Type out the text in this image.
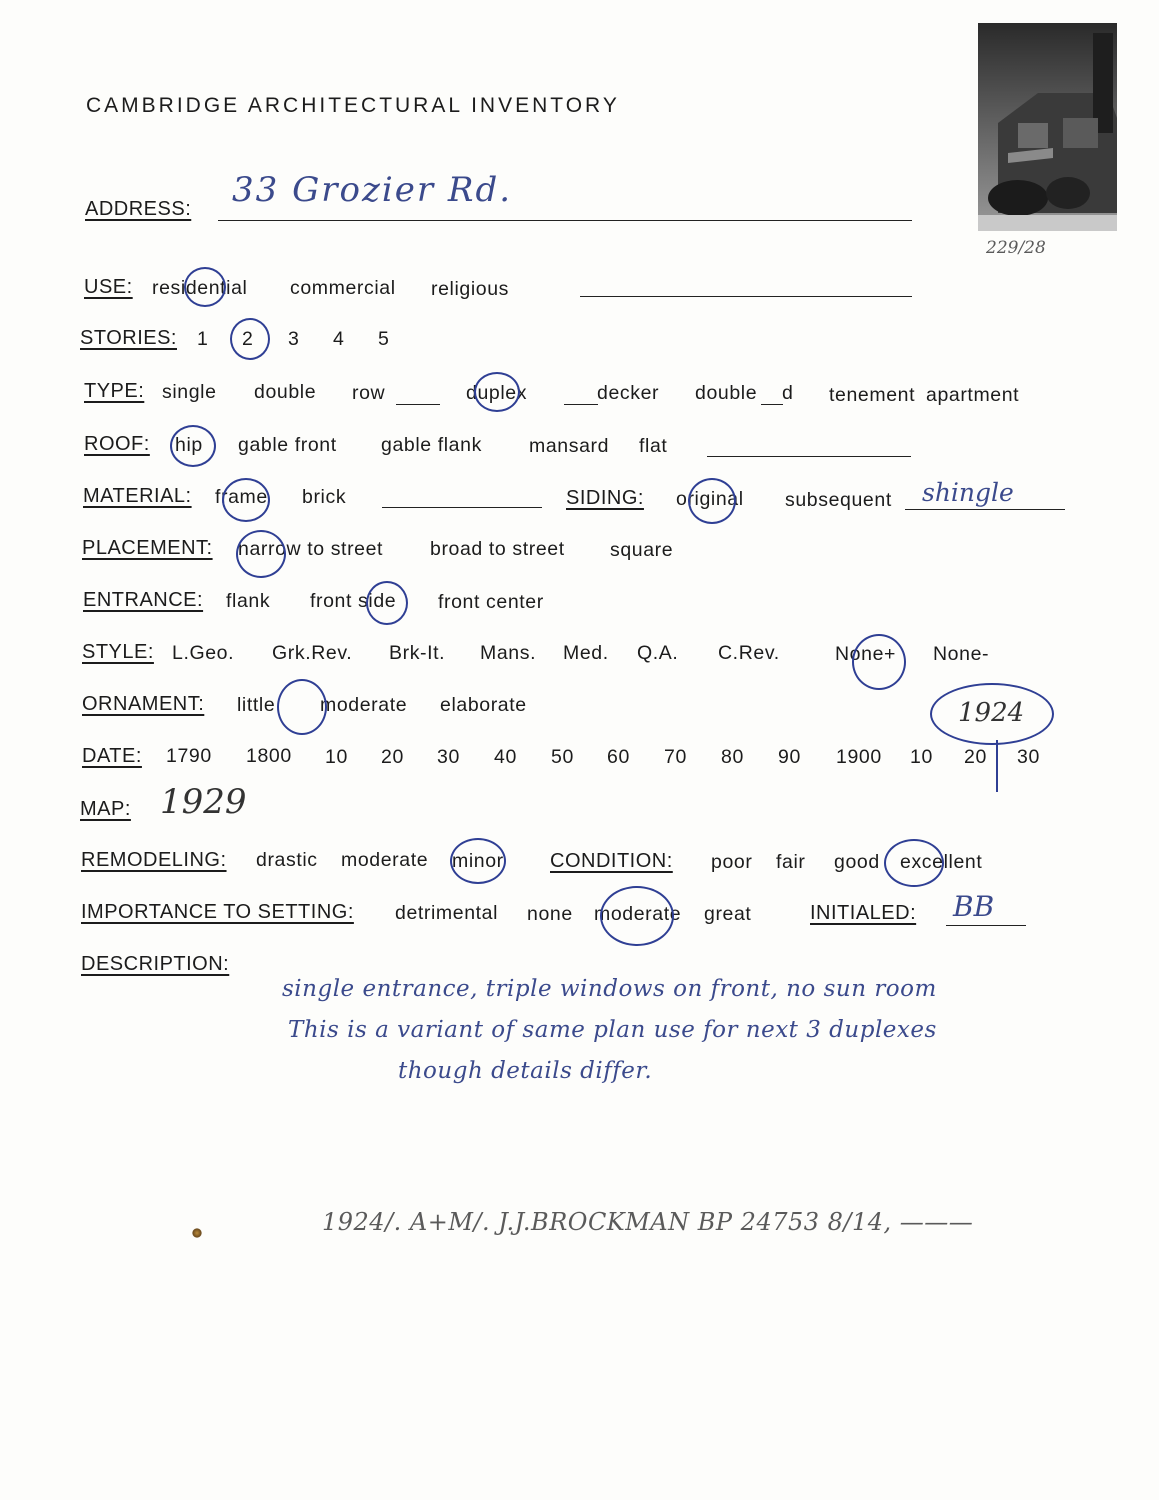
CAMBRIDGE ARCHITECTURAL INVENTORY
229/28
ADDRESS: 33 Grozier Rd.
USE: residential commercial religious
STORIES: 1 2 3 4 5
TYPE: single double row	duplex	decker double d tenement apartment
ROOF: hip gable front gable flank mansard flat
MATERIAL: frame brick	SIDING: original subsequent shingle
PLACEMENT: narrow to street broad to street square
ENTRANCE: flank front side front center
STYLE: L.Geo. Grk.Rev. Brk-It. Mans. Med. Q.A. C.Rev.	None+ None-
ORNAMENT: little moderate elaborate
DATE: 1790 1800 10 20 30 40 50 60 70 80 90 1900 10 20 30
1924
MAP: 1929
REMODELING: drastic moderate minor CONDITION: poor fair good excellent
IMPORTANCE TO SETTING: detrimental none moderate great	INITIALED: BB
DESCRIPTION:
single entrance, triple windows on front, no sun room
This is a variant of same plan use for next 3 duplexes
though details differ.
1924/. A+M/. J.J.BROCKMAN BP 24753 8/14, ———
